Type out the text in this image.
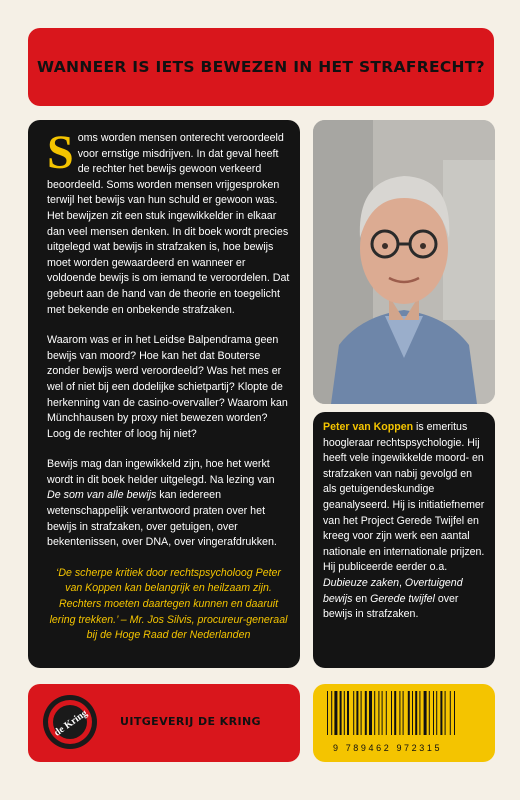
WANNEER IS IETS BEWEZEN IN HET STRAFRECHT?

Soms worden mensen onterecht veroordeeld voor ernstige misdrijven. In dat geval heeft de rechter het bewijs gewoon verkeerd beoordeeld. Soms worden mensen vrijgesproken terwijl het bewijs van hun schuld er gewoon was. Het bewijzen zit een stuk ingewikkelder in elkaar dan veel mensen denken. In dit boek wordt precies uitgelegd wat bewijs in strafzaken is, hoe bewijs moet worden gewaardeerd en wanneer er voldoende bewijs is om iemand te veroordelen. Dat gebeurt aan de hand van de theorie en toegelicht met bekende en onbekende strafzaken.

Waarom was er in het Leidse Balpendrama geen bewijs van moord? Hoe kan het dat Bouterse zonder bewijs werd veroordeeld? Was het mes er wel of niet bij een dodelijke schietpartij? Klopte de herkenning van de casino-overvaller? Waarom kan Münchhausen by proxy niet bewezen worden? Loog de rechter of loog hij niet?

Bewijs mag dan ingewikkeld zijn, hoe het werkt wordt in dit boek helder uitgelegd. Na lezing van De som van alle bewijs kan iedereen wetenschappelijk verantwoord praten over het bewijs in strafzaken, over getuigen, over bekentenissen, over DNA, over vingerafdrukken.

‘De scherpe kritiek door rechtspsycholoog Peter van Koppen kan belangrijk en heilzaam zijn. Rechters moeten daartegen kunnen en daaruit lering trekken.’ – Mr. Jos Silvis, procureur-generaal bij de Hoge Raad der Nederlanden
Peter van Koppen is emeritus hoogleraar rechtspsychologie. Hij heeft vele ingewikkelde moord- en strafzaken van nabij gevolgd en als getuigendeskundige geanalyseerd. Hij is initiatiefnemer van het Project Gerede Twijfel en kreeg voor zijn werk een aantal nationale en internationale prijzen. Hij publiceerde eerder o.a. Dubieuze zaken, Overtuigend bewijs en Gerede twijfel over bewijs in strafzaken.
de Kring	UITGEVERIJ DE KRING
9 789462 972315
